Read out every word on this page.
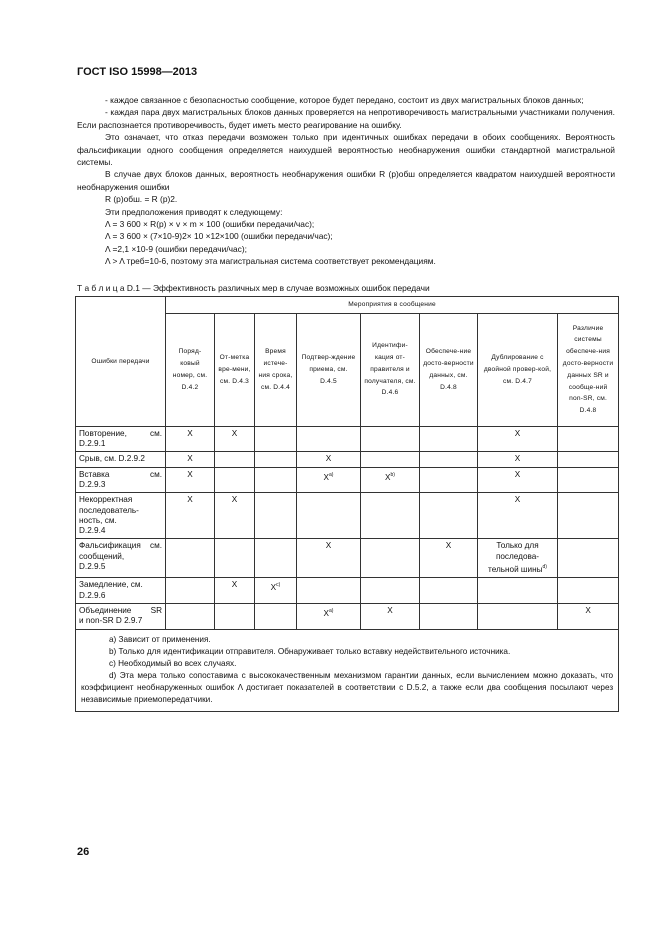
ГОСТ ISO 15998—2013

- каждое связанное с безопасностью сообщение, которое будет передано, состоит из двух магистральных блоков данных;

- каждая пара двух магистральных блоков данных проверяется на непротиворечивость магистральными участниками получения. Если распознается противоречивость, будет иметь место реагирование на ошибку.

Это означает, что отказ передачи возможен только при идентичных ошибках передачи в обоих сообщениях. Вероятность фальсификации одного сообщения определяется наихудшей вероятностью необнаружения ошибки стандартной магистральной системы.

В случае двух блоков данных, вероятность необнаружения ошибки R (p)обш определяется квадратом наихудшей вероятности необнаружения ошибки

R (p)обш. = R (p)2.

Эти предположения приводят к следующему:

Λ = 3 600 × R(p) × v × m × 100 (ошибки передачи/час);

Λ = 3 600 × (7×10-9)2× 10 ×12×100 (ошибки передачи/час);

Λ =2,1 ×10-9 (ошибки передачи/час);

Λ > Λ треб=10-6, поэтому эта магистральная система соответствует рекомендациям.

Т а б л и ц а D.1 — Эффективность различных мер в случае возможных ошибок передачи
Ошибки передачи	Мероприятия в сообщение							
	Поряд-ковый номер, см. D.4.2	От-метка вре-мени, см. D.4.3	Время истече-ния срока, см. D.4.4	Подтвер-ждение приема, см. D.4.5	Идентифи-кация от-правителя и получателя, см. D.4.6	Обеспече-ние досто-верности данных, см. D.4.8	Дублирование с двойной провер-кой, см. D.4.7	Различие системы обеспече-ния досто-верности данных SR и сообще-ний non-SR, см. D.4.8

Повторение, см.
D.2.9.1	X	X					X	
Срыв, см. D.2.9.2	X			X			X	

Вставка см.
D.2.9.3	X			$X^{а)}$	$X^{b)}$		X	
Некорректная последователь-ность, см.
D.2.9.4	X	X					X	

Фальсификация сообщений,
см.
D.2.9.5				X		X	Только для последова-тельной шины$^{d)}$	
Замедление, см.
D.2.9.6		X	$X^{c)}$					

Объединение SR
и non-SR D 2.9.7				$X^{а)}$	X			X

а) Зависит от применения.

b) Только для идентификации отправителя. Обнаруживает только вставку недействительного источника.

c) Необходимый во всех случаях.

d) Эта мера только сопоставима с высококачественным механизмом гарантии данных, если вычислением можно доказать, что коэффициент необнаруженных ошибок Λ достигает показателей в соответствии с D.5.2, а также если два сообщения посылают через независимые приемопередатчики.								

26
